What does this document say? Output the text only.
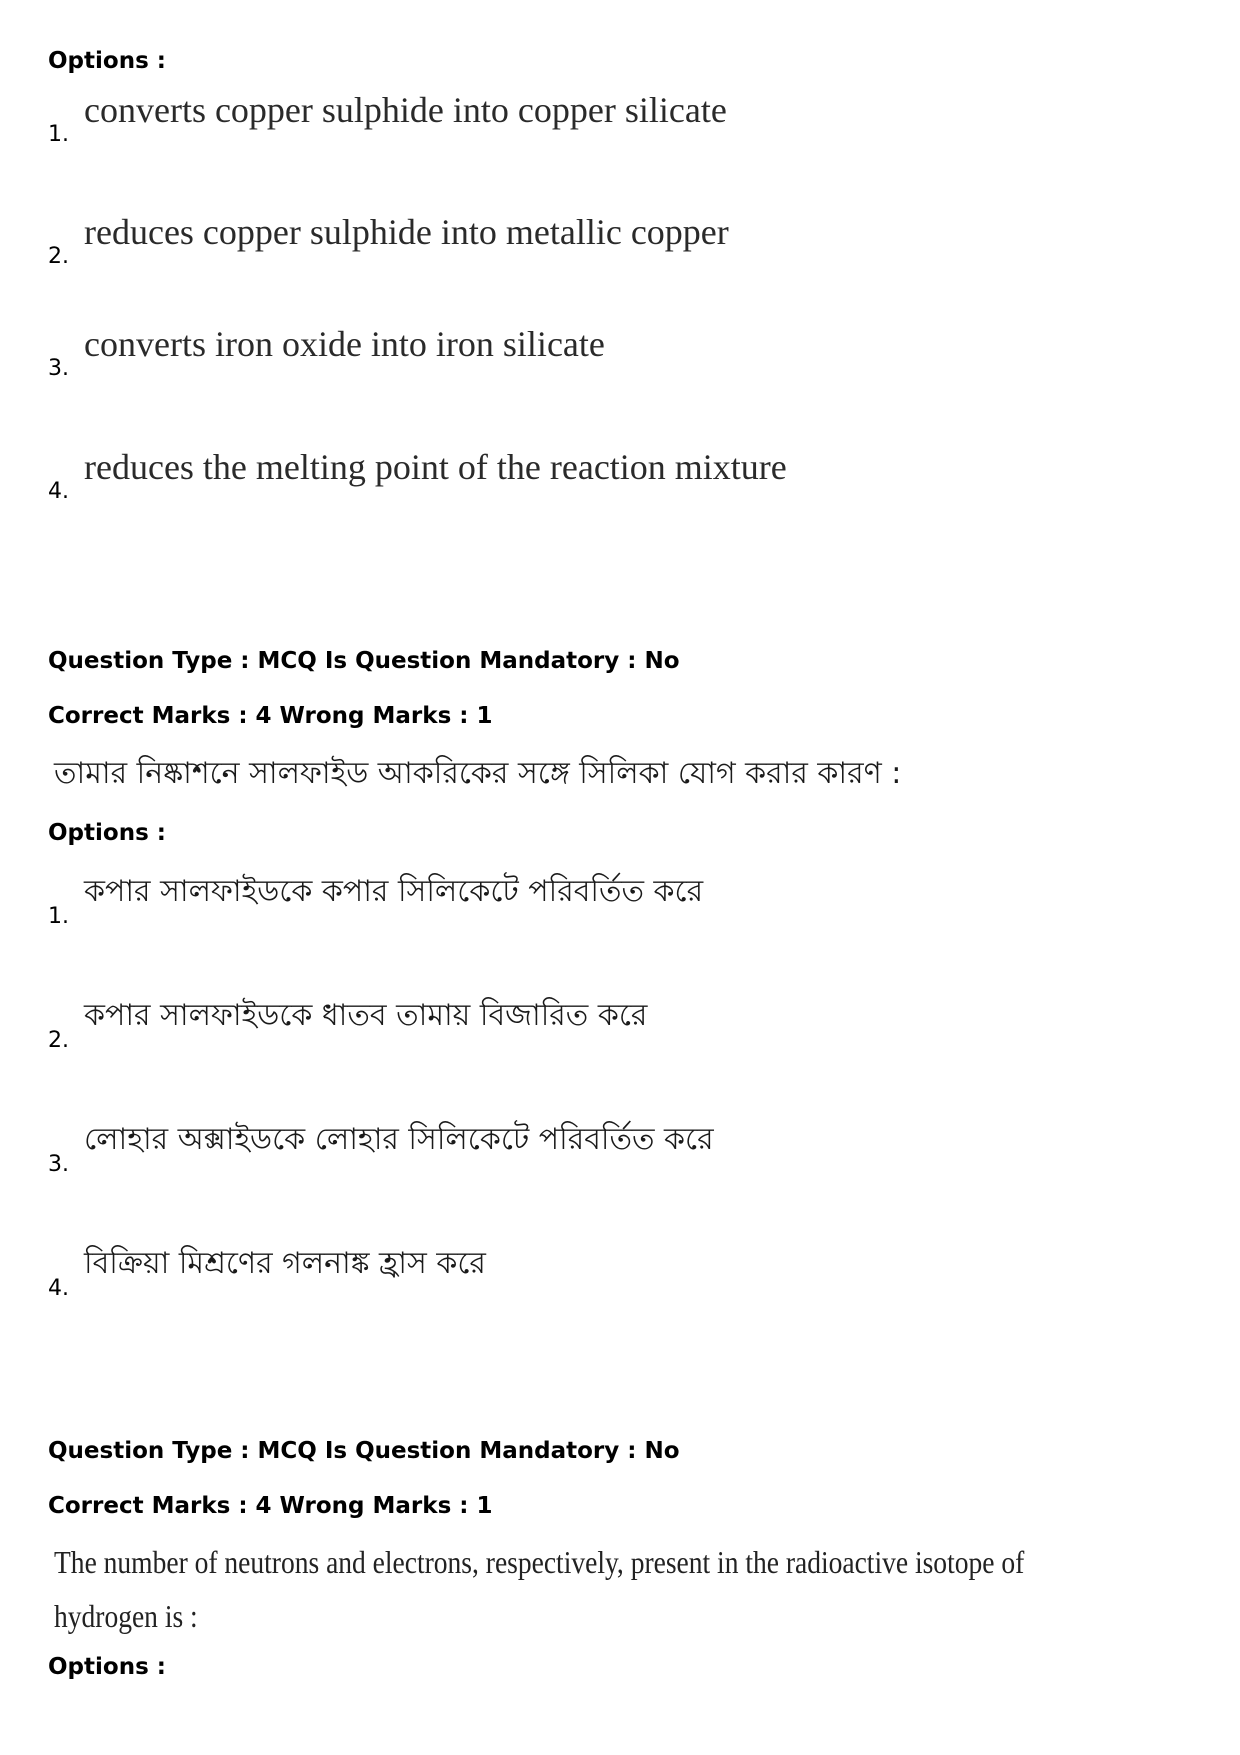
Options :
1.
converts copper sulphide into copper silicate
2.
reduces copper sulphide into metallic copper
3.
converts iron oxide into iron silicate
4.
reduces the melting point of the reaction mixture
Question Type : MCQ Is Question Mandatory : No
Correct Marks : 4 Wrong Marks : 1
তামার নিষ্কাশনে সালফাইড আকরিকের সঙ্গে সিলিকা যোগ করার কারণ :
Options :
1.
কপার সালফাইডকে কপার সিলিকেটে পরিবর্তিত করে
2.
কপার সালফাইডকে ধাতব তামায় বিজারিত করে
3.
লোহার অক্সাইডকে লোহার সিলিকেটে পরিবর্তিত করে
4.
বিক্রিয়া মিশ্রণের গলনাঙ্ক হ্রাস করে
Question Type : MCQ Is Question Mandatory : No
Correct Marks : 4 Wrong Marks : 1
The number of neutrons and electrons, respectively, present in the radioactive isotope of
hydrogen is :
Options :
